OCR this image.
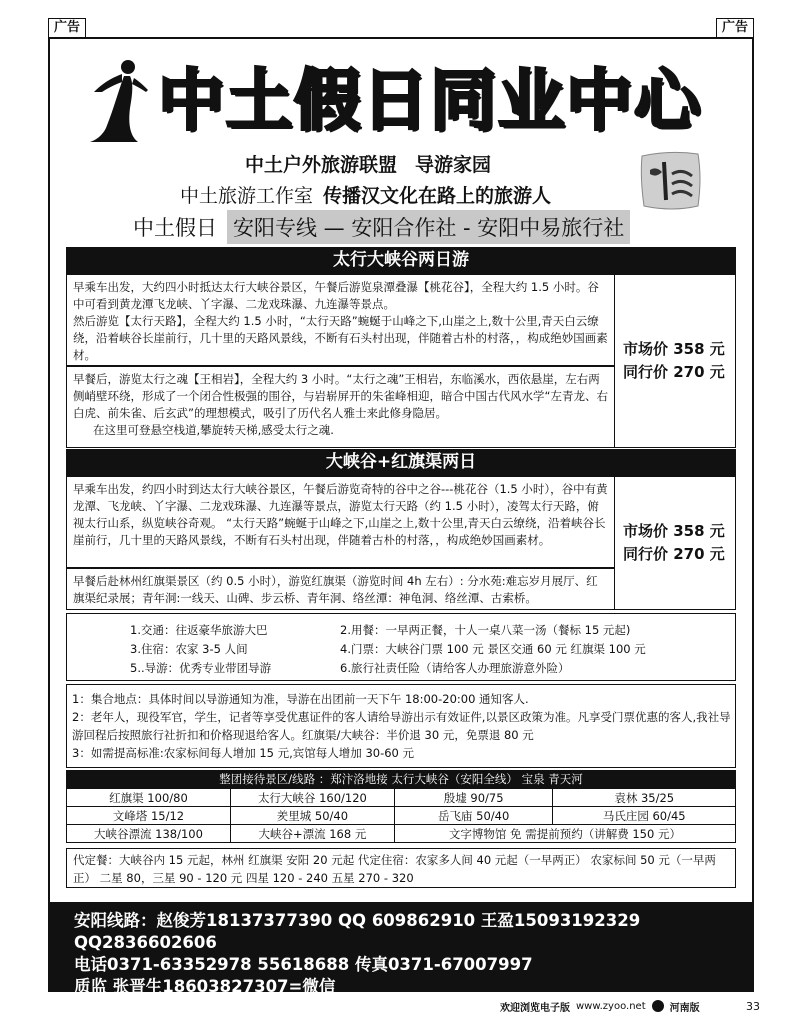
广告	广告
中土假日同业中心
中土户外旅游联盟 导游家园
中土旅游工作室 传播汉文化在路上的旅游人
中土假日 安阳专线 — 安阳合作社 - 安阳中易旅行社
太行大峡谷两日游
早乘车出发，大约四小时抵达太行大峡谷景区，午餐后游览泉潭叠瀑【桃花谷】，全程大约 1.5 小时。谷中可看到黄龙潭飞龙峡、丫字瀑、二龙戏珠瀑、九连瀑等景点。
然后游览【太行天路】，全程大约 1.5 小时，“太行天路”蜿蜒于山峰之下,山崖之上,数十公里,青天白云缭绕，沿着峡谷长崖前行，几十里的天路风景线，不断有石头村出现，伴随着古朴的村落，，构成绝妙国画素材。
早餐后，游览太行之魂【王相岩】，全程大约 3 小时。“太行之魂”王相岩，东临溪水，西依悬崖，左右两侧峭壁环绕，形成了一个闭合性极强的围谷，与岩崭屏开的朱雀峰相迎，暗合中国古代风水学“左青龙、右白虎、前朱雀、后玄武”的理想模式，吸引了历代名人雅士来此修身隐居。
在这里可登悬空栈道,攀旋转天梯,感受太行之魂.
市场价 358 元
同行价 270 元
大峡谷+红旗渠两日
早乘车出发，约四小时到达太行大峡谷景区，午餐后游览奇特的谷中之谷---桃花谷（1.5 小时），谷中有黄龙潭、飞龙峡、丫字瀑、二龙戏珠瀑、九连瀑等景点，游览太行天路（约 1.5 小时），凌驾太行天路，俯视太行山系，纵览峡谷奇观。 “太行天路”蜿蜒于山峰之下,山崖之上,数十公里,青天白云缭绕，沿着峡谷长崖前行，几十里的天路风景线，不断有石头村出现，伴随着古朴的村落，，构成绝妙国画素材。
早餐后赴林州红旗渠景区（约 0.5 小时），游览红旗渠（游览时间 4h 左右）: 分水苑:难忘岁月展厅、红旗渠纪录展；青年洞:一线天、山碑、步云桥、青年洞、络丝潭：神龟洞、络丝潭、古索桥。
市场价 358 元
同行价 270 元
1.交通：往返豪华旅游大巴	2.用餐：一早两正餐，十人一桌八菜一汤（餐标 15 元起)
3.住宿：农家 3-5 人间	4.门票：大峡谷门票 100 元 景区交通 60 元 红旗渠 100 元
5..导游：优秀专业带团导游	6.旅行社责任险（请给客人办理旅游意外险）
1：集合地点：具体时间以导游通知为准，导游在出团前一天下午 18:00-20:00 通知客人.
2：老年人，现役军官，学生，记者等享受优惠证件的客人请给导游出示有效证件,以景区政策为准。凡享受门票优惠的客人,我社导游回程后按照旅行社折扣和价格现退给客人。红旗渠/大峡谷：半价退 30 元，免票退 80 元
3：如需提高标准:农家标间每人增加 15 元,宾馆每人增加 30-60 元
整团接待景区/线路 ：郑汴洛地接 太行大峡谷（安阳全线） 宝泉 青天河
红旗渠 100/80	太行大峡谷 160/120	殷墟 90/75	袁林 35/25
文峰塔 15/12	羑里城 50/40	岳飞庙 50/40	马氏庄园 60/45
大峡谷漂流 138/100	大峡谷+漂流 168 元	文字博物馆 免 需提前预约（讲解费 150 元）	
代定餐：大峡谷内 15 元起，林州 红旗渠 安阳 20 元起 代定住宿：农家多人间 40 元起（一早两正） 农家标间 50 元（一早两正） 二星 80，三星 90 - 120 元 四星 120 - 240 五星 270 - 320
安阳线路：赵俊芳18137377390 QQ 609862910 王盈15093192329 QQ2836602606
电话0371-63352978 55618688 传真0371-67007997
质监 张晋生18603827307=微信
欢迎浏览电子版 www.zyoo.net 河南版	33
